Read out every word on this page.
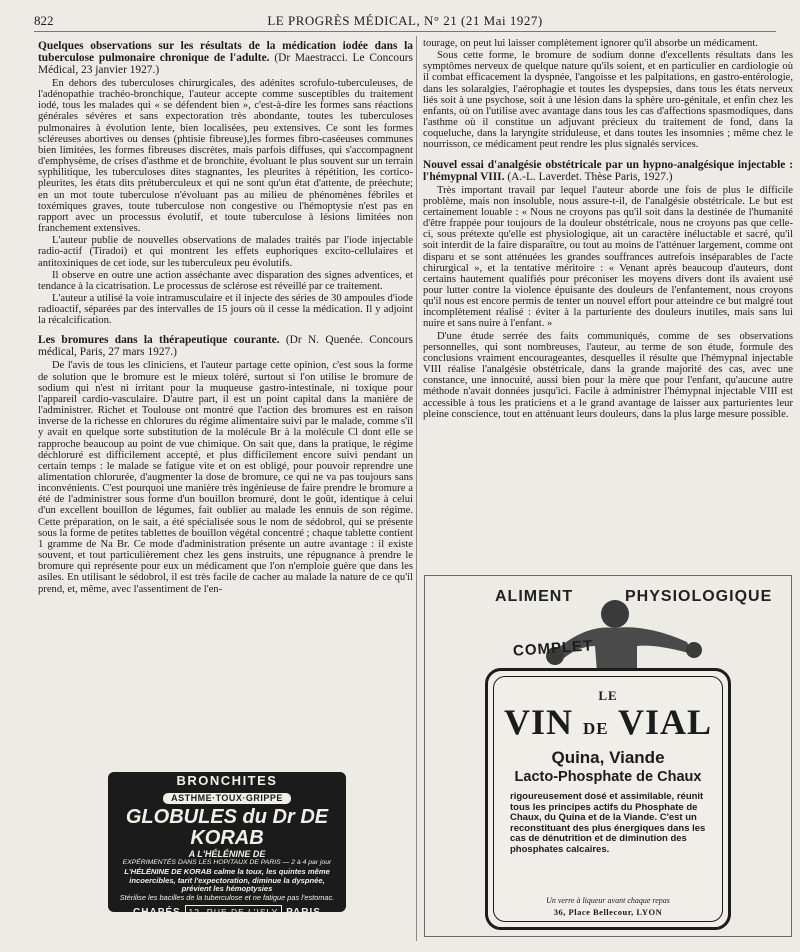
822	LE PROGRÈS MÉDICAL, N° 21 (21 Mai 1927)
Quelques observations sur les résultats de la médication iodée dans la tuberculose pulmonaire chronique de l'adulte. (Dr Maestracci. Le Concours Médical, 23 janvier 1927.)

En dehors des tuberculoses chirurgicales, des adénites scrofulo-tuberculeuses, de l'adénopathie trachéo-bronchique, l'auteur accepte comme susceptibles du traitement iodé, tous les malades qui « se défendent bien », c'est-à-dire les formes sans réactions générales sévères et sans expectoration très abondante, toutes les tuberculoses pulmonaires à évolution lente, bien localisées, peu extensives. Ce sont les formes scléreuses abortives ou denses (phtisie fibreuse),les formes fibro-caséeuses communes bien limitées, les formes fibreuses discrètes, mais parfois diffuses, qui s'accompagnent d'emphysème, de crises d'asthme et de bronchite, évoluant le plus souvent sur un terrain syphilitique, les tuberculoses dites stagnantes, les pleurites à répétition, les cortico-pleurites, les états dits prétuberculeux et qui ne sont qu'un état d'attente, de préechute; en un mot toute tuberculose n'évoluant pas au milieu de phénomènes fébriles et toxémiques graves, toute tuberculose non congestive ou l'hémoptysie n'est pas en rapport avec un processus évolutif, et toute tuberculose à lésions limitées non franchement extensives.

L'auteur publie de nouvelles observations de malades traités par l'iode injectable radio-actif (Tiradoi) et qui montrent les effets euphoriques excito-cellulaires et antitoxiniques de cet iode, sur les tuberculeux peu évolutifs.

Il observe en outre une action asséchante avec disparation des signes adventices, et tendance à la cicatrisation. Le processus de sclérose est réveillé par ce traitement.

L'auteur a utilisé la voie intramusculaire et il injecte des séries de 30 ampoules d'iode radioactif, séparées par des intervalles de 15 jours où il cesse la médication. Il y adjoint la récalcification.

Les bromures dans la thérapeutique courante. (Dr N. Quenée. Concours médical, Paris, 27 mars 1927.)

De l'avis de tous les cliniciens, et l'auteur partage cette opinion, c'est sous la forme de solution que le bromure est le mieux toléré, surtout si l'on utilise le bromure de sodium qui n'est ni irritant pour la muqueuse gastro-intestinale, ni toxique pour l'appareil cardio-vasculaire. D'autre part, il est un point capital dans la manière de l'administrer. Richet et Toulouse ont montré que l'action des bromures est en raison inverse de la richesse en chlorures du régime alimentaire suivi par le malade, comme s'il y avait en quelque sorte substitution de la molécule Br à la molécule Cl dont elle se rapproche beaucoup au point de vue chimique. On sait que, dans la pratique, le régime déchloruré est difficilement accepté, et plus difficilement encore suivi pendant un certain temps : le malade se fatigue vite et on est obligé, pour pouvoir reprendre une alimentation chlorurée, d'augmenter la dose de bromure, ce qui ne va pas toujours sans inconvénients. C'est pourquoi une manière très ingénieuse de faire prendre le bromure a été de l'administrer sous forme d'un bouillon bromuré, dont le goût, identique à celui d'un excellent bouillon de légumes, fait oublier au malade les ennuis de son régime. Cette préparation, on le sait, a été spécialisée sous le nom de sédobrol, qui se présente sous la forme de petites tablettes de bouillon végétal concentré ; chaque tablette contient 1 gramme de Na Br. Ce mode d'administration présente un autre avantage : il existe souvent, et tout particulièrement chez les gens instruits, une répugnance à prendre le bromure qui représente pour eux un médicament que l'on n'emploie guère que dans les asiles. En utilisant le sédobrol, il est très facile de cacher au malade la nature de ce qu'il prend, et, même, avec l'assentiment de l'en-

tourage, on peut lui laisser complètement ignorer qu'il absorbe un médicament.

Sous cette forme, le bromure de sodium donne d'excellents résultats dans les symptômes nerveux de quelque nature qu'ils soient, et en particulier en cardiologie où il combat efficacement la dyspnée, l'angoisse et les palpitations, en gastro-entérologie, dans les solaralgies, l'aérophagie et toutes les dyspepsies, dans tous les états nerveux liés soit à une psychose, soit à une lésion dans la sphère uro-génitale, et enfin chez les enfants, où on l'utilise avec avantage dans tous les cas d'affections spasmodiques, dans l'asthme où il constitue un adjuvant précieux du traitement de fond, dans la coqueluche, dans la laryngite striduleuse, et dans toutes les insomnies ; même chez le nourrisson, ce médicament peut rendre les plus signalés services.

Nouvel essai d'analgésie obstétricale par un hypno-analgésique injectable : l'hémypnal VIII. (A.-L. Laverdet. Thèse Paris, 1927.)

Très important travail par lequel l'auteur aborde une fois de plus le difficile problème, mais non insoluble, nous assure-t-il, de l'analgésie obstétricale. Le but est certainement louable : « Nous ne croyons pas qu'il soit dans la destinée de l'humanité d'être frappée pour toujours de la douleur obstétricale, nous ne croyons pas que celle-ci, sous prétexte qu'elle est physiologique, ait un caractère inéluctable et sacré, qu'il soit interdit de la faire disparaître, ou tout au moins de l'atténuer largement, comme ont disparu et se sont atténuées les grandes souffrances autrefois inséparables de l'acte chirurgical », et la tentative méritoire : « Venant après beaucoup d'auteurs, dont certains hautement qualifiés pour préconiser les moyens divers dont ils avaient usé pour lutter contre la violence épuisante des douleurs de l'enfantement, nous croyons qu'il nous est encore permis de tenter un nouvel effort pour atteindre ce but malgré tout incomplètement réalisé : éviter à la parturiente des douleurs inutiles, mais sans lui nuire et sans nuire à l'enfant. »

D'une étude serrée des faits communiqués, comme de ses observations personnelles, qui sont nombreuses, l'auteur, au terme de son étude, formule des conclusions vraiment encourageantes, desquelles il résulte que l'hémypnal injectable VIII réalise l'analgésie obstétricale, dans la grande majorité des cas, avec une constance, une innocuité, aussi bien pour la mère que pour l'enfant, qu'aucune autre méthode n'avait données jusqu'ici. Facile à administrer l'hémypnal injectable VIII est accessible à tous les praticiens et a le grand avantage de laisser aux parturientes leur pleine conscience, tout en atténuant leurs douleurs, dans la plus large mesure possible.

BRONCHITES
ASTHME·TOUX·GRIPPE
GLOBULES du Dr DE KORAB
A L'HÉLÉNINE DE
EXPÉRIMENTÉS DANS LES HOPITAUX DE PARIS — 2 à 4 par jour
L'HÉLÉNINE DE KORAB calme la toux, les quintes même incoercibles, tarit l'expectoration, diminue la dyspnée, prévient les hémoptysies
Stérilise les bacilles de la tuberculose et ne fatigue pas l'estomac.
CHAPÉS 12, RUE DE L'ISLY PARIS
ALIMENT	PHYSIOLOGIQUE
COMPLET
LE
VIN DE VIAL
Quina, Viande
Lacto-Phosphate de Chaux
rigoureusement dosé et assimilable, réunit tous les principes actifs du Phosphate de Chaux, du Quina et de la Viande. C'est un reconstituant des plus énergiques dans les cas de dénutrition et de diminution des phosphates calcaires.
Un verre à liqueur avant chaque repas
36, Place Bellecour, LYON
